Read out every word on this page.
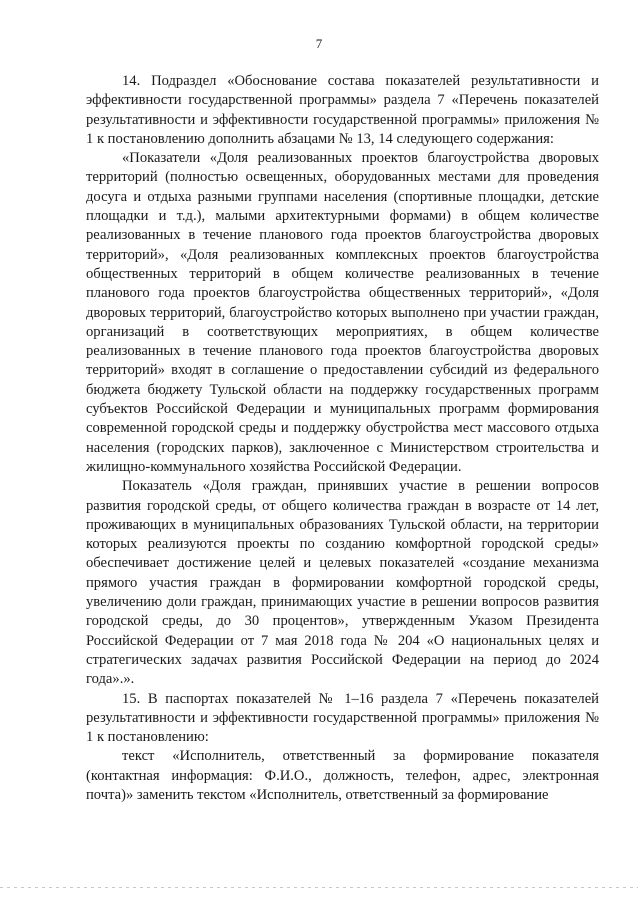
7

14. Подраздел «Обоснование состава показателей результативности и эффективности государственной программы» раздела 7 «Перечень показателей результативности и эффективности государственной программы» приложения № 1 к постановлению дополнить абзацами № 13, 14 следующего содержания:

«Показатели «Доля реализованных проектов благоустройства дворовых территорий (полностью освещенных, оборудованных местами для проведения досуга и отдыха разными группами населения (спортивные площадки, детские площадки и т.д.), малыми архитектурными формами) в общем количестве реализованных в течение планового года проектов благоустройства дворовых территорий», «Доля реализованных комплексных проектов благоустройства общественных территорий в общем количестве реализованных в течение планового года проектов благоустройства общественных территорий», «Доля дворовых территорий, благоустройство которых выполнено при участии граждан, организаций в соответствующих мероприятиях, в общем количестве реализованных в течение планового года проектов благоустройства дворовых территорий» входят в соглашение о предоставлении субсидий из федерального бюджета бюджету Тульской области на поддержку государственных программ субъектов Российской Федерации и муниципальных программ формирования современной городской среды и поддержку обустройства мест массового отдыха населения (городских парков), заключенное с Министерством строительства и жилищно-коммунального хозяйства Российской Федерации.

Показатель «Доля граждан, принявших участие в решении вопросов развития городской среды, от общего количества граждан в возрасте от 14 лет, проживающих в муниципальных образованиях Тульской области, на территории которых реализуются проекты по созданию комфортной городской среды» обеспечивает достижение целей и целевых показателей «создание механизма прямого участия граждан в формировании комфортной городской среды, увеличению доли граждан, принимающих участие в решении вопросов развития городской среды, до 30 процентов», утвержденным Указом Президента Российской Федерации от 7 мая 2018 года № 204 «О национальных целях и стратегических задачах развития Российской Федерации на период до 2024 года».».

15. В паспортах показателей № 1–16 раздела 7 «Перечень показателей результативности и эффективности государственной программы» приложения № 1 к постановлению:

текст «Исполнитель, ответственный за формирование показателя (контактная информация: Ф.И.О., должность, телефон, адрес, электронная почта)» заменить текстом «Исполнитель, ответственный за формирование
